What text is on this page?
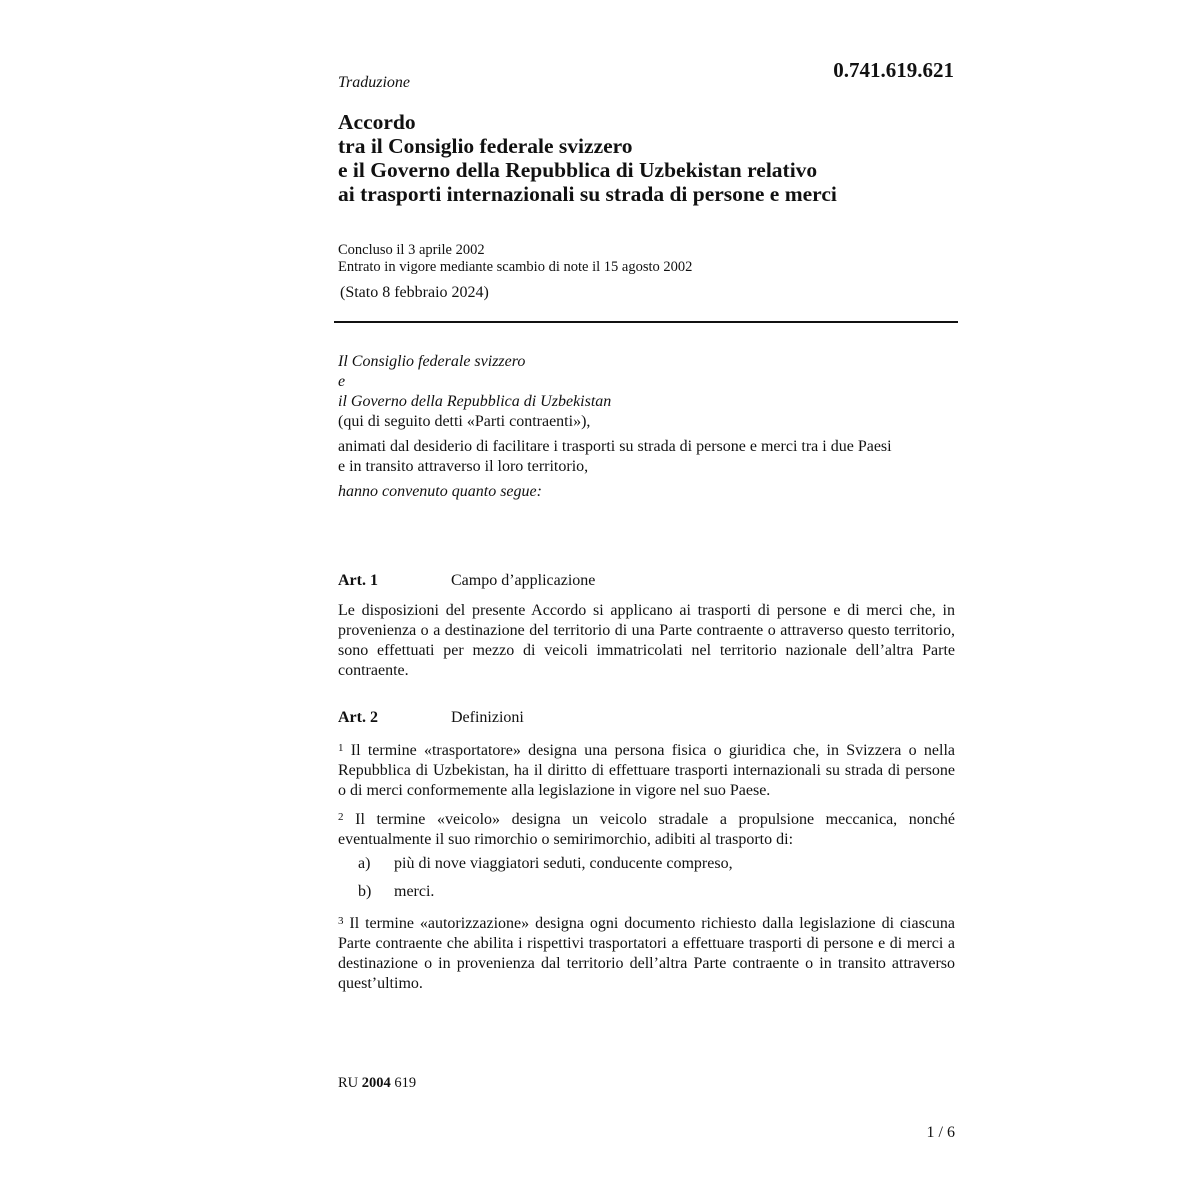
0.741.619.621
Traduzione
Accordo
tra il Consiglio federale svizzero
e il Governo della Repubblica di Uzbekistan relativo
ai trasporti internazionali su strada di persone e merci
Concluso il 3 aprile 2002
Entrato in vigore mediante scambio di note il 15 agosto 2002
(Stato 8 febbraio 2024)
Il Consiglio federale svizzero
e
il Governo della Repubblica di Uzbekistan
(qui di seguito detti «Parti contraenti»),
animati dal desiderio di facilitare i trasporti su strada di persone e merci tra i due Paesi
e in transito attraverso il loro territorio,
hanno convenuto quanto segue:
Art. 1	Campo d’applicazione
Le disposizioni del presente Accordo si applicano ai trasporti di persone e di merci che, in provenienza o a destinazione del territorio di una Parte contraente o attraverso questo territorio, sono effettuati per mezzo di veicoli immatricolati nel territorio nazionale dell’altra Parte contraente.
Art. 2	Definizioni
$^1$ Il termine «trasportatore» designa una persona fisica o giuridica che, in Svizzera o nella Repubblica di Uzbekistan, ha il diritto di effettuare trasporti internazionali su strada di persone o di merci conformemente alla legislazione in vigore nel suo Paese.
$^2$ Il termine «veicolo» designa un veicolo stradale a propulsione meccanica, nonché eventualmente il suo rimorchio o semirimorchio, adibiti al trasporto di:
a) più di nove viaggiatori seduti, conducente compreso,
b) merci.
$^3$ Il termine «autorizzazione» designa ogni documento richiesto dalla legislazione di ciascuna Parte contraente che abilita i rispettivi trasportatori a effettuare trasporti di persone e di merci a destinazione o in provenienza dal territorio dell’altra Parte contraente o in transito attraverso quest’ultimo.
RU 2004 619
1 / 6
